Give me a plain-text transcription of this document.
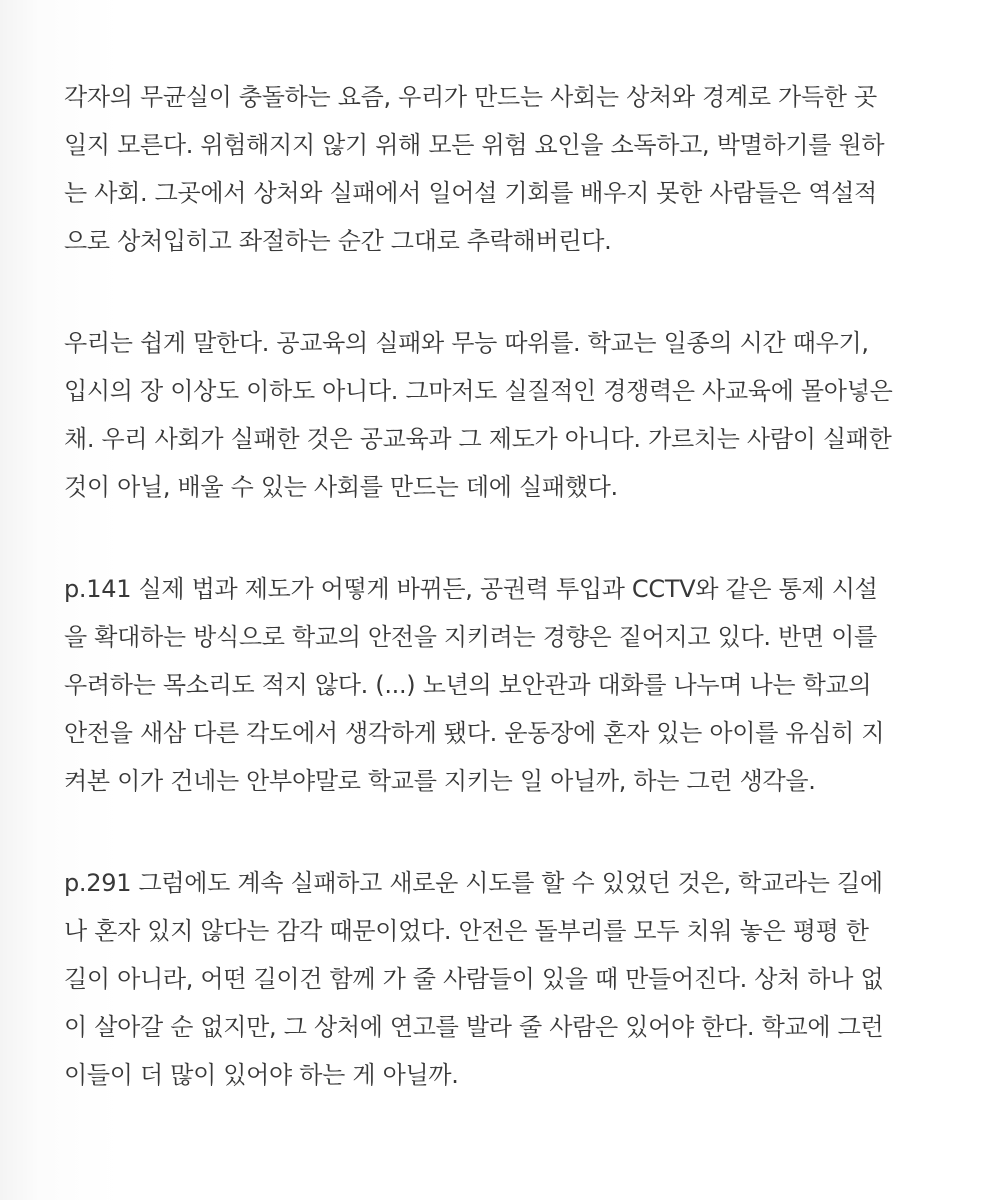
각자의 무균실이 충돌하는 요즘, 우리가 만드는 사회는 상처와 경계로 가득한 곳
일지 모른다. 위험해지지 않기 위해 모든 위험 요인을 소독하고, 박멸하기를 원하
는 사회. 그곳에서 상처와 실패에서 일어설 기회를 배우지 못한 사람들은 역설적
으로 상처입히고 좌절하는 순간 그대로 추락해버린다.
우리는 쉽게 말한다. 공교육의 실패와 무능 따위를. 학교는 일종의 시간 때우기,
입시의 장 이상도 이하도 아니다. 그마저도 실질적인 경쟁력은 사교육에 몰아넣은
채. 우리 사회가 실패한 것은 공교육과 그 제도가 아니다. 가르치는 사람이 실패한
것이 아닐, 배울 수 있는 사회를 만드는 데에 실패했다.
p.141 실제 법과 제도가 어떻게 바뀌든, 공권력 투입과 CCTV와 같은 통제 시설
을 확대하는 방식으로 학교의 안전을 지키려는 경향은 짙어지고 있다. 반면 이를
우려하는 목소리도 적지 않다. (...) 노년의 보안관과 대화를 나누며 나는 학교의
안전을 새삼 다른 각도에서 생각하게 됐다. 운동장에 혼자 있는 아이를 유심히 지
켜본 이가 건네는 안부야말로 학교를 지키는 일 아닐까, 하는 그런 생각을.
p.291 그럼에도 계속 실패하고 새로운 시도를 할 수 있었던 것은, 학교라는 길에
나 혼자 있지 않다는 감각 때문이었다. 안전은 돌부리를 모두 치워 놓은 평평 한
길이 아니라, 어떤 길이건 함께 가 줄 사람들이 있을 때 만들어진다. 상처 하나 없
이 살아갈 순 없지만, 그 상처에 연고를 발라 줄 사람은 있어야 한다. 학교에 그런
이들이 더 많이 있어야 하는 게 아닐까.
